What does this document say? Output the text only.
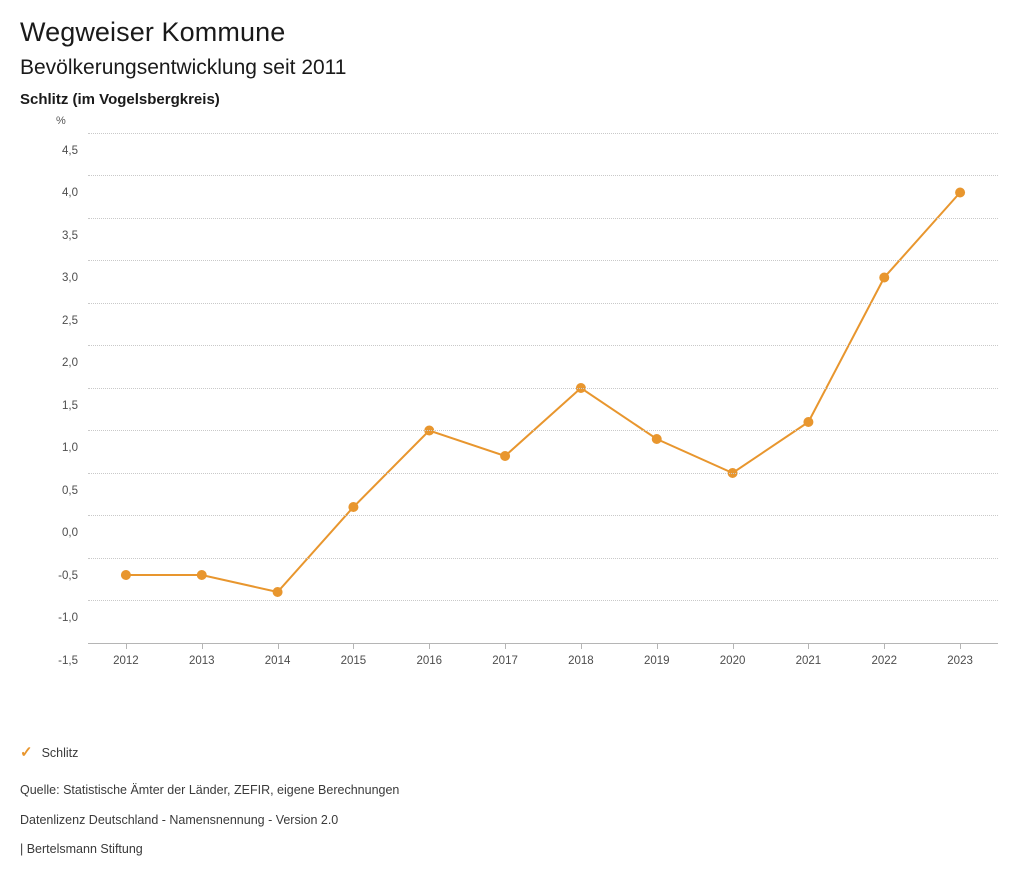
Wegweiser Kommune
Bevölkerungsentwicklung seit 2011
Schlitz (im Vogelsbergkreis)
%
4,5
4,0
3,5
3,0
2,5
2,0
1,5
1,0
0,5
0,0
-0,5
-1,0
-1,5	2012	2013	2014	2015	2016	2017	2018	2019	2020	2021	2022	2023
✓ Schlitz
Quelle: Statistische Ämter der Länder, ZEFIR, eigene Berechnungen
Datenlizenz Deutschland - Namensnennung - Version 2.0
| Bertelsmann Stiftung
